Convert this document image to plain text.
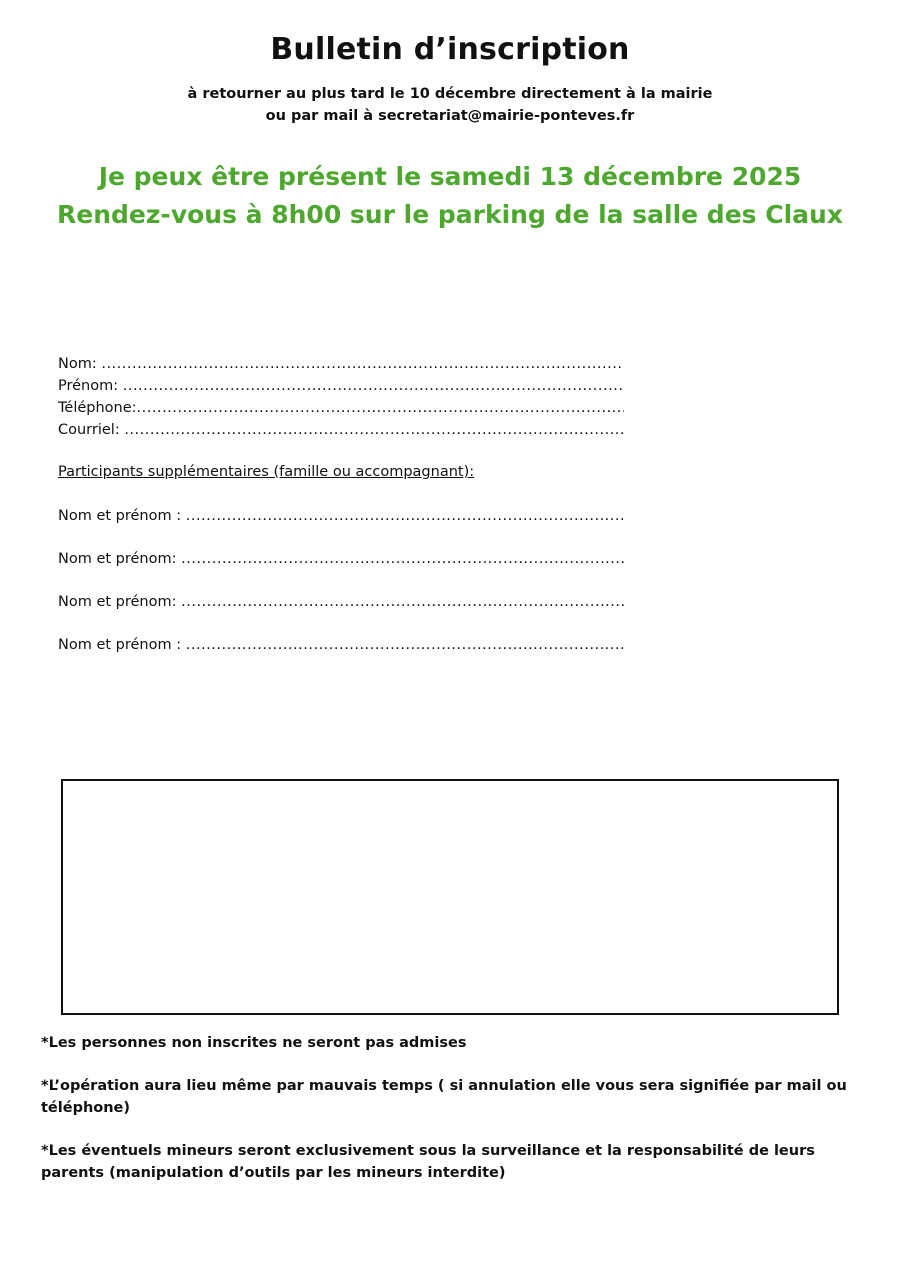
Bulletin d’inscription
à retourner au plus tard le 10 décembre directement à la mairie
ou par mail à secretariat@mairie-ponteves.fr
Je peux être présent le samedi 13 décembre 2025
Rendez-vous à 8h00 sur le parking de la salle des Claux
Nom: .....
Prénom: .....
Téléphone: .....
Courriel: .....
Participants supplémentaires (famille ou accompagnant):
Nom et prénom : .....
Nom et prénom: .....
Nom et prénom: .....
Nom et prénom : .....
*Les personnes non inscrites ne seront pas admises
*L’opération aura lieu même par mauvais temps ( si annulation elle vous sera signifiée par mail ou téléphone)
*Les éventuels mineurs seront exclusivement sous la surveillance et la responsabilité de leurs parents (manipulation d’outils par les mineurs interdite)
